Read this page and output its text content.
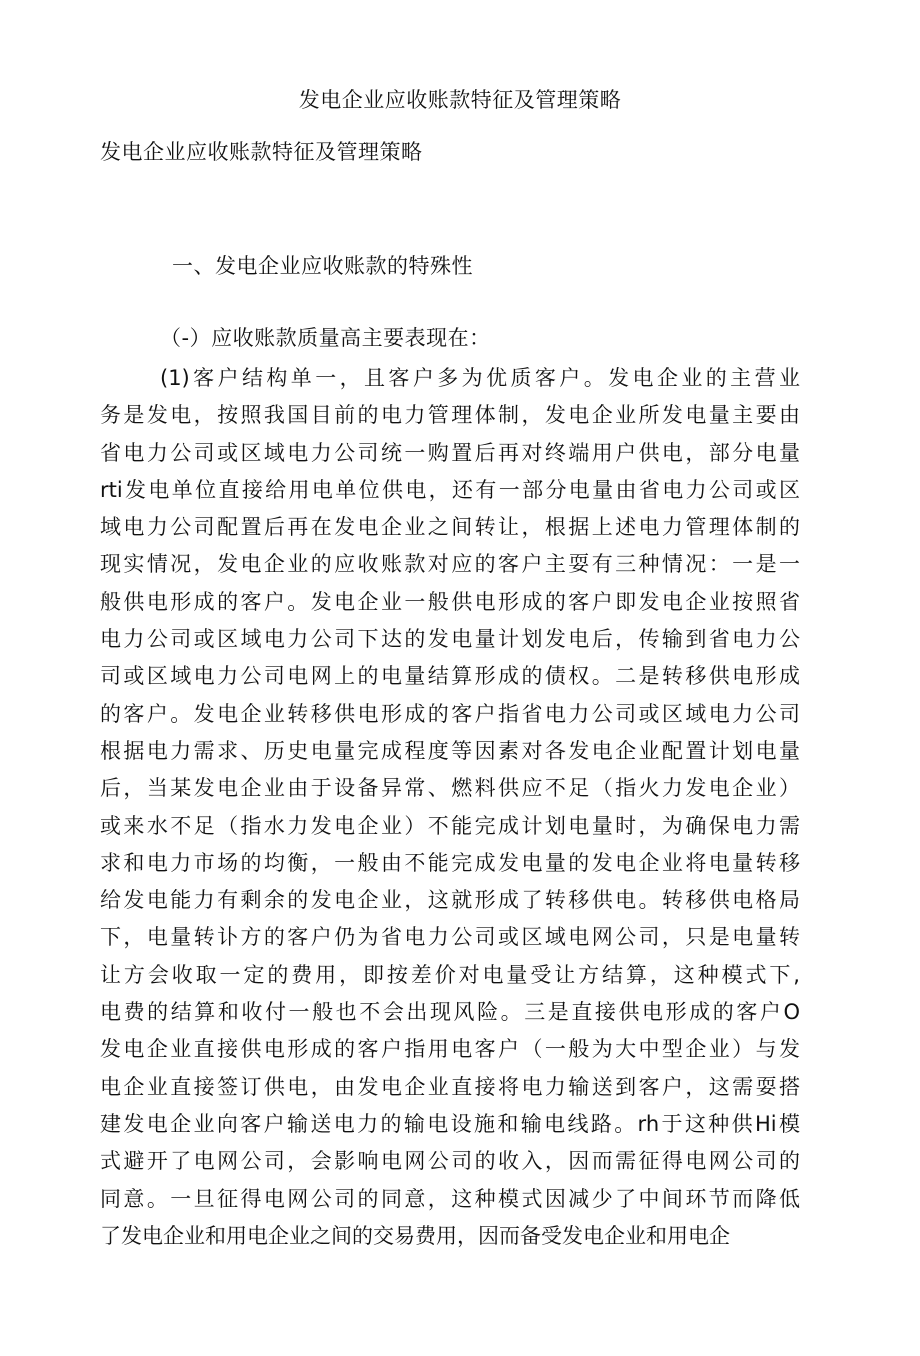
发电企业应收账款特征及管理策略
发电企业应收账款特征及管理策略
一、发电企业应收账款的特殊性
（-）应收账款质量高主要表现在：
(1)客户结构单一，且客户多为优质客户。发电企业的主营业
务是发电，按照我国目前的电力管理体制，发电企业所发电量主要由
省电力公司或区域电力公司统一购置后再对终端用户供电，部分电量
rti发电单位直接给用电单位供电，还有一部分电量由省电力公司或区
域电力公司配置后再在发电企业之间转让，根据上述电力管理体制的
现实情况，发电企业的应收账款对应的客户主耍有三种情况：一是一
般供电形成的客户。发电企业一般供电形成的客户即发电企业按照省
电力公司或区域电力公司下达的发电量计划发电后，传输到省电力公
司或区域电力公司电网上的电量结算形成的债权。二是转移供电形成
的客户。发电企业转移供电形成的客户指省电力公司或区域电力公司
根据电力需求、历史电量完成程度等因素对各发电企业配置计划电量
后，当某发电企业由于设备异常、燃料供应不足（指火力发电企业）
或来水不足（指水力发电企业）不能完成计划电量时，为确保电力需
求和电力市场的均衡，一般由不能完成发电量的发电企业将电量转移
给发电能力有剩余的发电企业，这就形成了转移供电。转移供电格局
下，电量转讣方的客户仍为省电力公司或区域电网公司，只是电量转
让方会收取一定的费用，即按差价对电量受让方结算，这种模式下,
电费的结算和收付一般也不会出现风险。三是直接供电形成的客户O
发电企业直接供电形成的客户指用电客户（一般为大中型企业）与发
电企业直接签订供电，由发电企业直接将电力输送到客户，这需耍搭
建发电企业向客户输送电力的输电设施和输电线路。rh于这种供Hi模
式避开了电网公司，会影响电网公司的收入，因而需征得电网公司的
同意。一旦征得电网公司的同意，这种模式因减少了中间环节而降低
了发电企业和用电企业之间的交易费用，因而备受发电企业和用电企
